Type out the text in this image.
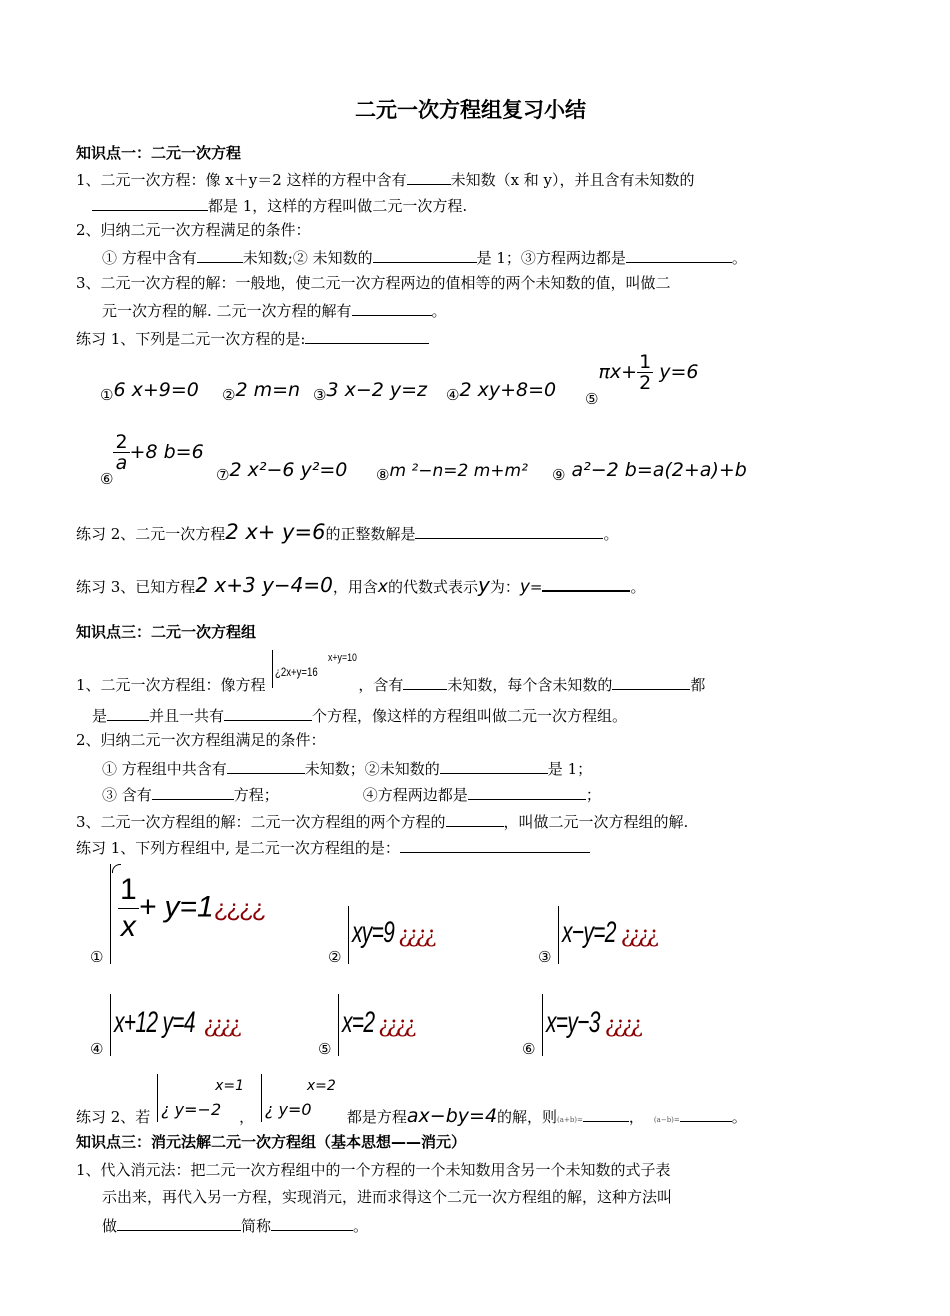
二元一次方程组复习小结
知识点一：二元一次方程
1、二元一次方程：像 x＋y＝2 这样的方程中含有	未知数（x 和 y），并且含有未知数的
都是 1，这样的方程叫做二元一次方程.
2、归纳二元一次方程满足的条件：
① 方程中含有	未知数;② 未知数的	是 1；③方程两边都是	。
3、二元一次方程的解：一般地，使二元一次方程两边的值相等的两个未知数的值，叫做二
元一次方程的解. 二元一次方程的解有	。
练习 1、下列是二元一次方程的是:
$_①$6 x+9=0 $_②$2 m=n $_③$3 x−2 y=z $_④$2 xy+8=0 $_⑤\pi x+ \frac{1}{2} y=6$
$_⑥$
$\frac{2}{a} +8$ b=6
$_⑦$2 x²−6 y²=0 $_⑧$m ²−n=2 m+m² $_⑨$ a²−2 b=a(2+a)+b
练习 2、二元一次方程2 x+ y=6的正整数解是	。
练习 3、已知方程2 x+3 y−4=0，用含x的代数式表示y为：y=	。
知识点三：二元一次方程组
1、二元一次方程组：像方程
¿2x+y=16
x+y=10
，含有	未知数，每个含未知数的	都
是	并且一共有	个方程，像这样的方程组叫做二元一次方程组。
2、归纳二元一次方程组满足的条件：
① 方程组中共含有	未知数；②未知数的	是 1；
③ 含有	方程；	④方程两边都是	；
3、二元一次方程组的解：二元一次方程组的两个方程的	，叫做二元一次方程组的解.
练习 1、下列方程组中, 是二元一次方程组的是：
①
$\frac{1}{x}$ + y=1¿¿¿¿
②
xy=9 ¿¿¿¿
③
x−y=2 ¿¿¿¿
④
x+12 y=4 ¿¿¿¿
⑤
x=2 ¿¿¿¿
⑥
x=y−3 ¿¿¿¿
练习 2、若 ¿ y=−2
x=1
， ¿ y=0
x=2
都是方程ax−by=4的解，则(a+b)=	， (a−b)=	。
知识点三：消元法解二元一次方程组（基本思想——消元）
1、代入消元法：把二元一次方程组中的一个方程的一个未知数用含另一个未知数的式子表
示出来，再代入另一方程，实现消元，进而求得这个二元一次方程组的解，这种方法叫
做	简称	。
